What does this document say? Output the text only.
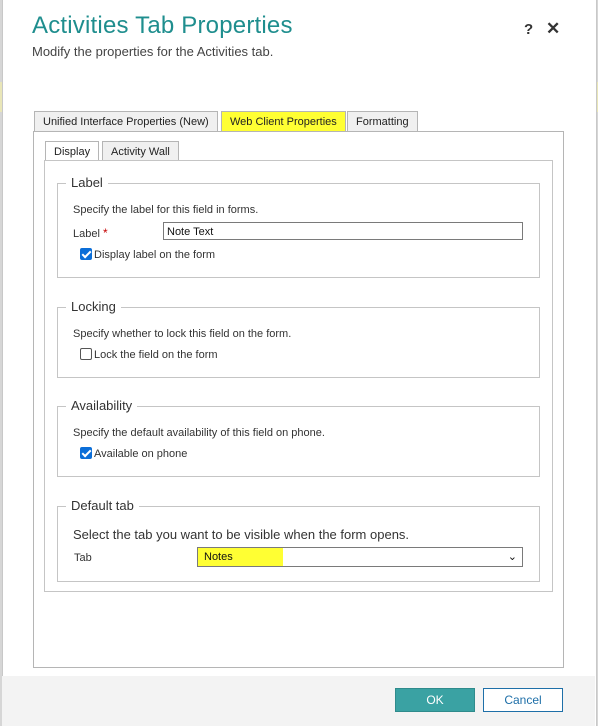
Activities Tab Properties
Modify the properties for the Activities tab.
? ✕
Unified Interface Properties (New)	Web Client Properties	Formatting
Display	Activity Wall
Label
Specify the label for this field in forms.
Label *	Note Text
Display label on the form
Locking
Specify whether to lock this field on the form.
Lock the field on the form
Availability
Specify the default availability of this field on phone.
Available on phone
Default tab
Select the tab you want to be visible when the form opens.
Tab	Notes	⌄
OK	Cancel
